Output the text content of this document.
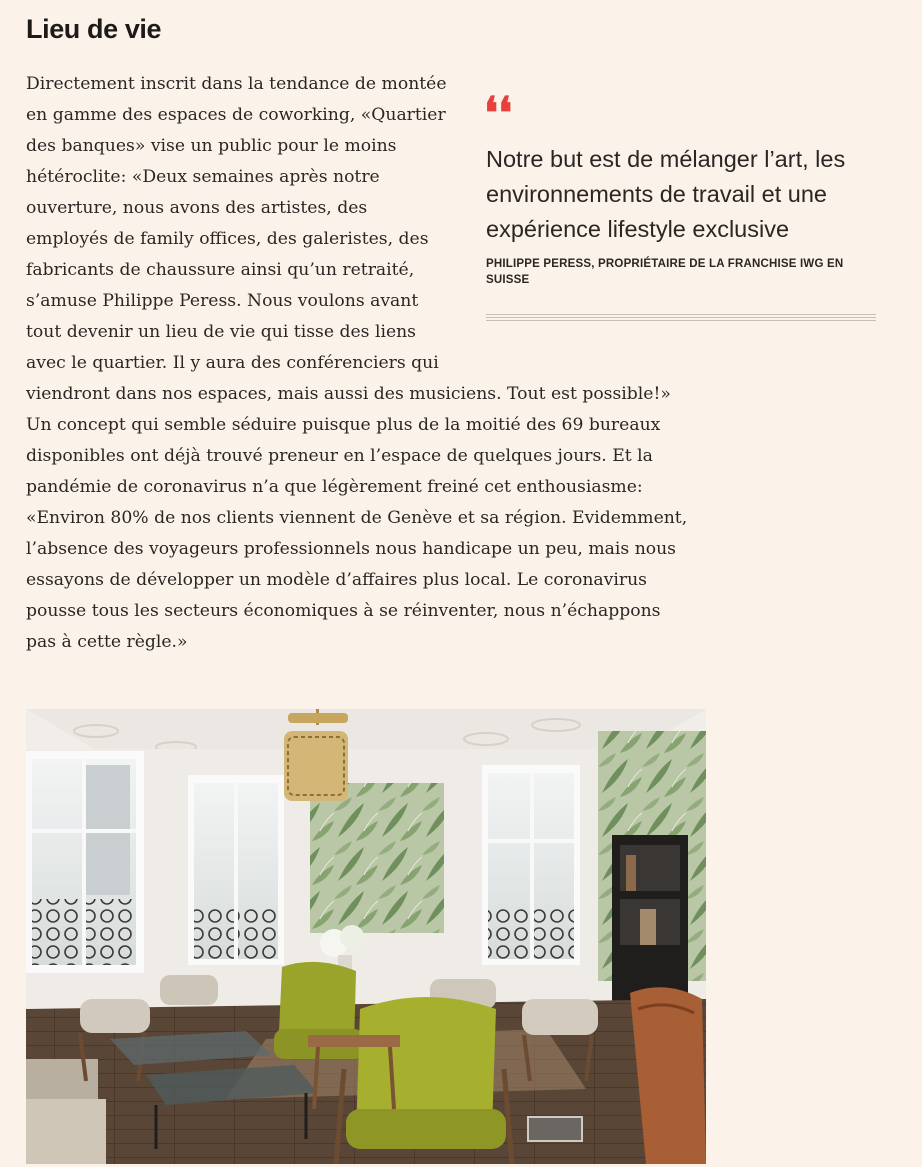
Lieu de vie
❛❛

Notre but est de mélanger l’art, les environnements de travail et une expérience lifestyle exclusive

PHILIPPE PERESS, PROPRIÉTAIRE DE LA FRANCHISE IWG EN SUISSE

Directement inscrit dans la tendance de montée
en gamme des espaces de coworking, «Quartier
des banques» vise un public pour le moins
hétéroclite: «Deux semaines après notre
ouverture, nous avons des artistes, des
employés de family offices, des galeristes, des
fabricants de chaussure ainsi qu’un retraité,
s’amuse Philippe Peress. Nous voulons avant
tout devenir un lieu de vie qui tisse des liens
avec le quartier. Il y aura des conférenciers qui
viendront dans nos espaces, mais aussi des musiciens. Tout est possible!»
Un concept qui semble séduire puisque plus de la moitié des 69 bureaux
disponibles ont déjà trouvé preneur en l’espace de quelques jours. Et la
pandémie de coronavirus n’a que légèrement freiné cet enthousiasme:
«Environ 80% de nos clients viennent de Genève et sa région. Evidemment,
l’absence des voyageurs professionnels nous handicape un peu, mais nous
essayons de développer un modèle d’affaires plus local. Le coronavirus
pousse tous les secteurs économiques à se réinventer, nous n’échappons
pas à cette règle.»
